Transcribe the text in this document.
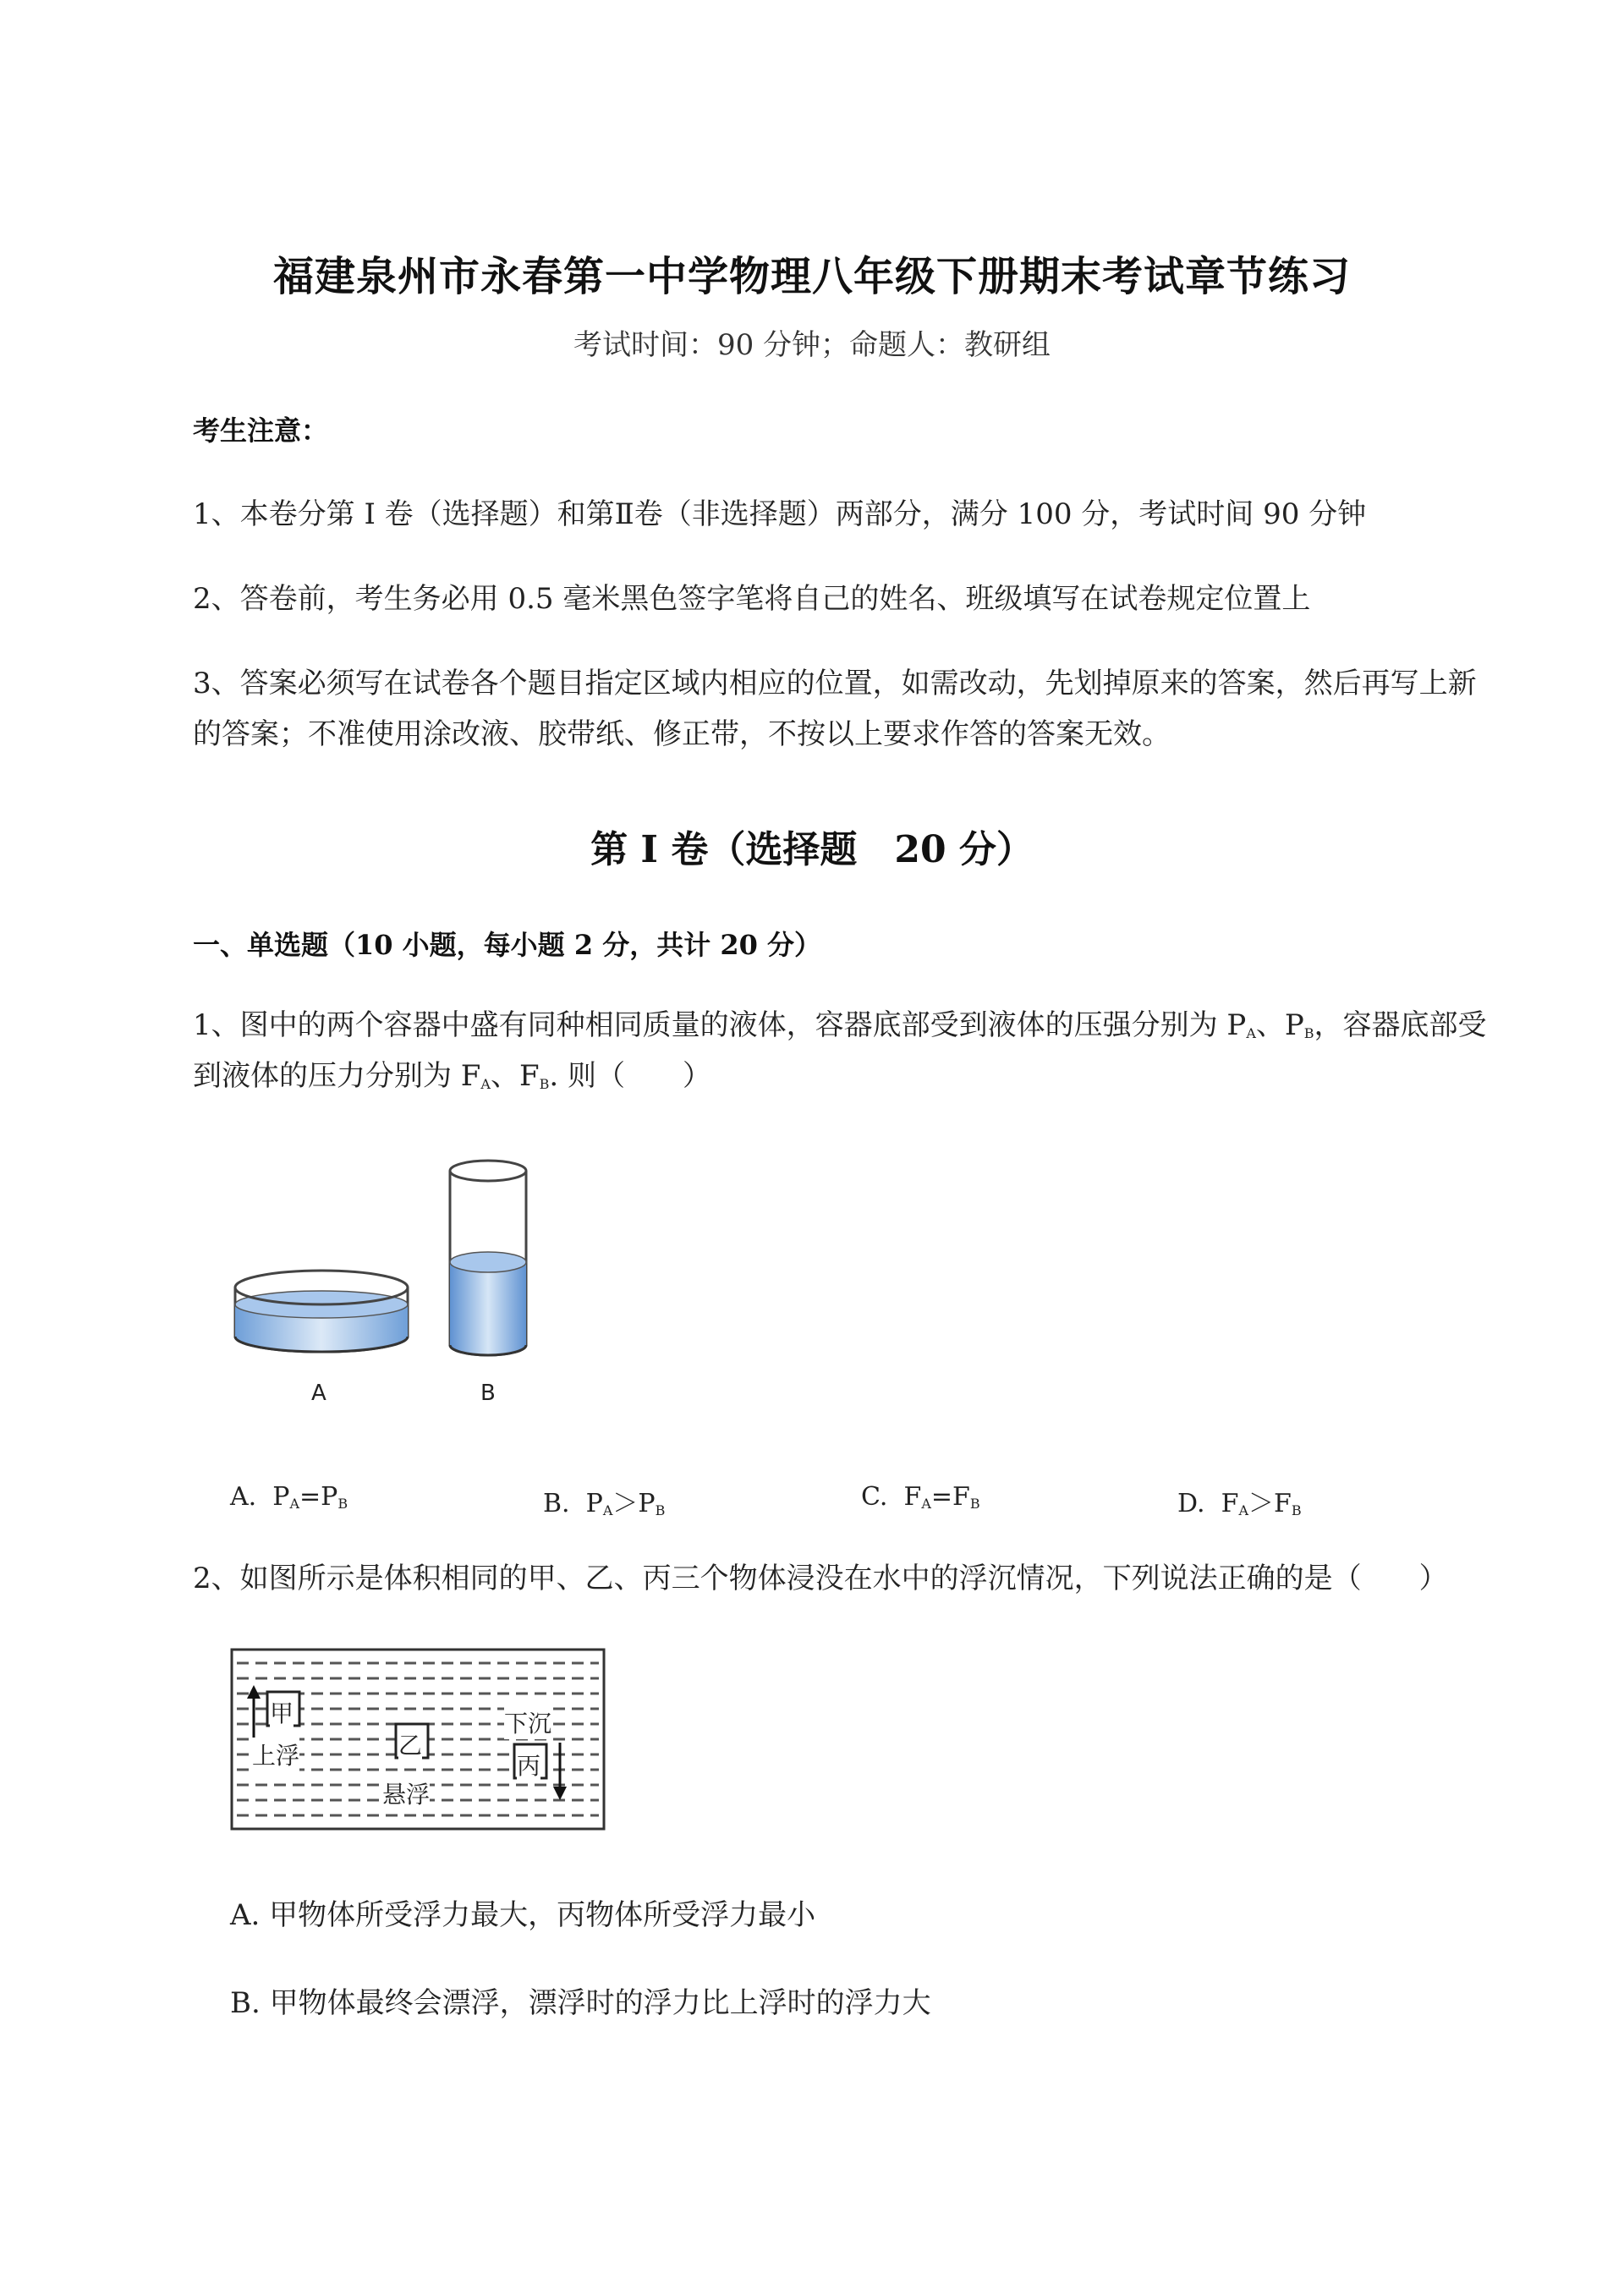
福建泉州市永春第一中学物理八年级下册期末考试章节练习
考试时间：90 分钟；命题人：教研组
考生注意：
1、本卷分第 I 卷（选择题）和第Ⅱ卷（非选择题）两部分，满分 100 分，考试时间 90 分钟
2、答卷前，考生务必用 0.5 毫米黑色签字笔将自己的姓名、班级填写在试卷规定位置上
3、答案必须写在试卷各个题目指定区域内相应的位置，如需改动，先划掉原来的答案，然后再写上新
的答案；不准使用涂改液、胶带纸、修正带，不按以上要求作答的答案无效。
第 I 卷（选择题　20 分）
一、单选题（10 小题，每小题 2 分，共计 20 分）
1、图中的两个容器中盛有同种相同质量的液体，容器底部受到液体的压强分别为 $P_A$、$P_B$，容器底部受
到液体的压力分别为 $F_A$、$F_B$. 则（　　）
A	B
A. $P_A=P_B$	B. $P_A>P_B$	C. $F_A=F_B$	D. $F_A>F_B$
2、如图所示是体积相同的甲、乙、丙三个物体浸没在水中的浮沉情况，下列说法正确的是（　　）
甲
乙
丙
上浮
悬浮
下沉
A. 甲物体所受浮力最大，丙物体所受浮力最小
B. 甲物体最终会漂浮，漂浮时的浮力比上浮时的浮力大
